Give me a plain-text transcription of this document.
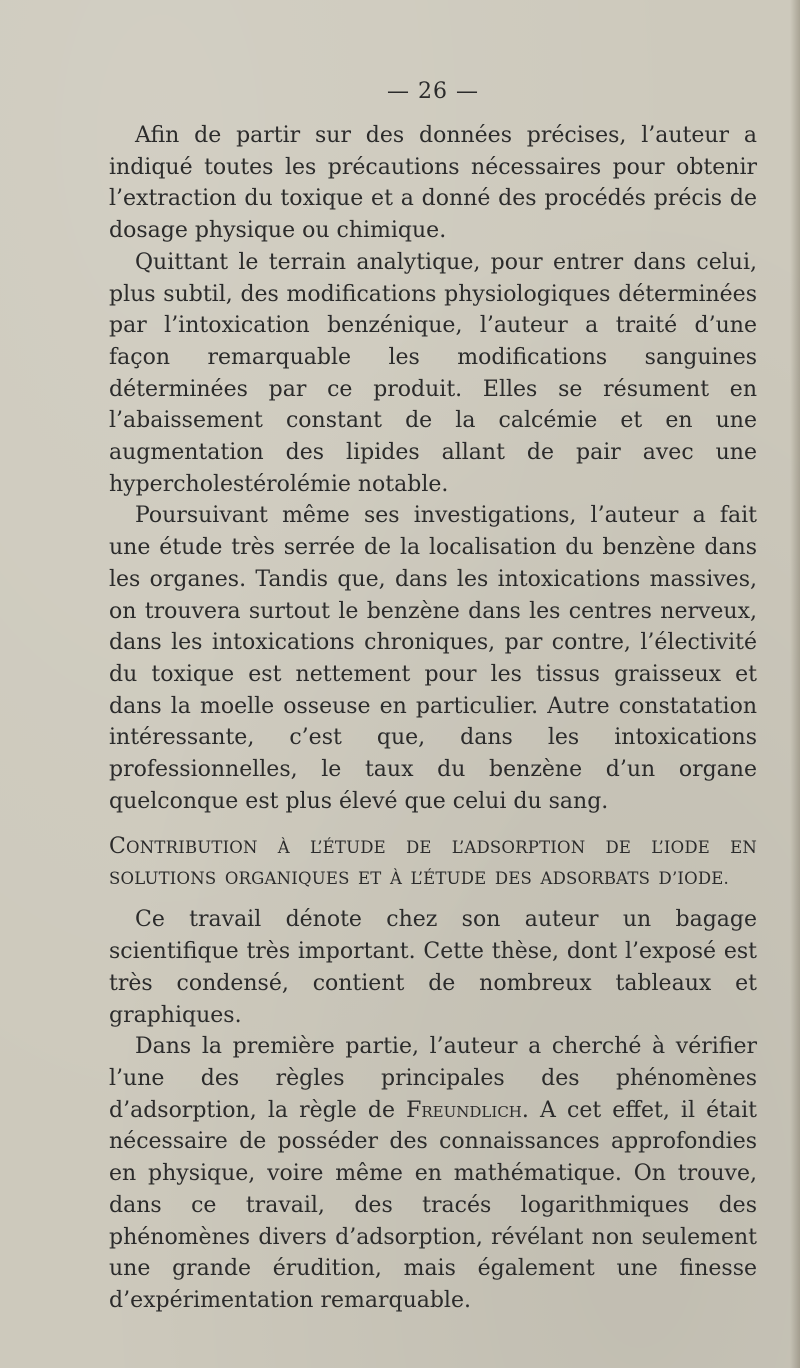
— 26 —

Afin de partir sur des données précises, l’auteur a indiqué toutes les précautions nécessaires pour obtenir l’extraction du toxique et a donné des procédés précis de dosage physique ou chimique.

Quittant le terrain analytique, pour entrer dans celui, plus subtil, des modifications physiologiques déterminées par l’intoxication benzénique, l’auteur a traité d’une façon remarquable les modifications sanguines déterminées par ce produit. Elles se résument en l’abaissement constant de la calcémie et en une augmentation des lipides allant de pair avec une hypercholestérolémie notable.

Poursuivant même ses investigations, l’auteur a fait une étude très serrée de la localisation du benzène dans les organes. Tandis que, dans les intoxications massives, on trouvera surtout le benzène dans les centres nerveux, dans les intoxications chroniques, par contre, l’électivité du toxique est nettement pour les tissus graisseux et dans la moelle osseuse en particulier. Autre constatation intéressante, c’est que, dans les intoxications professionnelles, le taux du benzène d’un organe quelconque est plus élevé que celui du sang.

CONTRIBUTION À L’ÉTUDE DE L’ADSORPTION DE L’IODE EN SOLUTIONS ORGANIQUES ET À L’ÉTUDE DES ADSORBATS D’IODE.

Ce travail dénote chez son auteur un bagage scientifique très important. Cette thèse, dont l’exposé est très condensé, contient de nombreux tableaux et graphiques.

Dans la première partie, l’auteur a cherché à vérifier l’une des règles principales des phénomènes d’adsorption, la règle de Freundlich. A cet effet, il était nécessaire de posséder des connaissances approfondies en physique, voire même en mathématique. On trouve, dans ce travail, des tracés logarithmiques des phénomènes divers d’adsorption, révélant non seulement une grande érudition, mais également une finesse d’expérimentation remarquable.
